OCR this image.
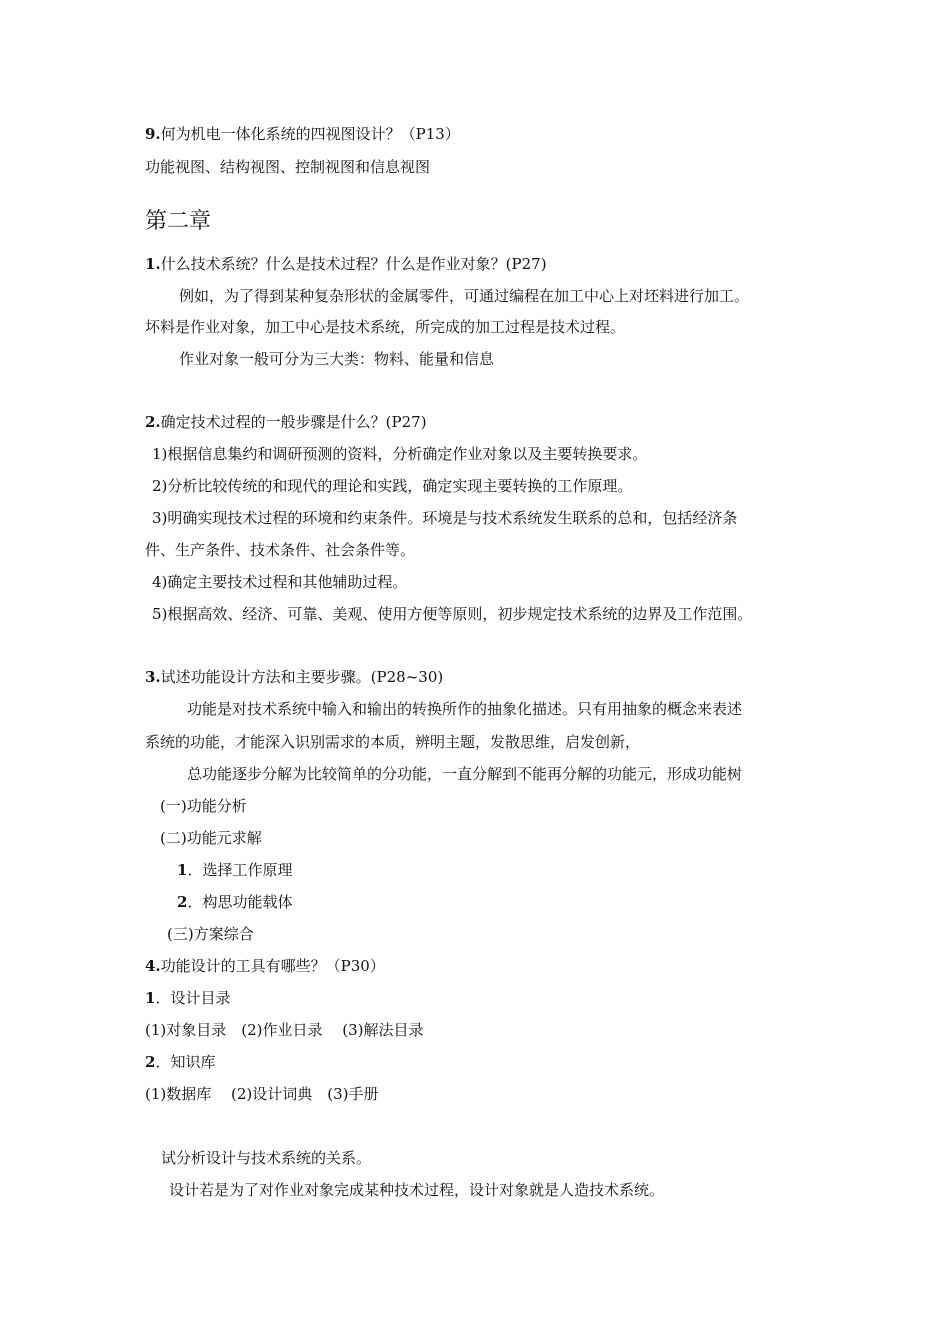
9.何为机电一体化系统的四视图设计？（P13）
功能视图、结构视图、控制视图和信息视图
第二章
1.什么技术系统？什么是技术过程？什么是作业对象？(P27)
例如，为了得到某种复杂形状的金属零件，可通过编程在加工中心上对坯料进行加工。
坏料是作业对象，加工中心是技术系统，所完成的加工过程是技术过程。
作业对象一般可分为三大类：物料、能量和信息
2.确定技术过程的一般步骤是什么？(P27)
1)根据信息集约和调研预测的资料，分析确定作业对象以及主要转换要求。
2)分析比较传统的和现代的理论和实践，确定实现主要转换的工作原理。
3)明确实现技术过程的环境和约束条件。环境是与技术系统发生联系的总和，包括经济条
件、生产条件、技术条件、社会条件等。
4)确定主要技术过程和其他辅助过程。
5)根据高效、经济、可靠、美观、使用方便等原则，初步规定技术系统的边界及工作范围。
3.试述功能设计方法和主要步骤。(P28~30)
功能是对技术系统中输入和输出的转换所作的抽象化描述。只有用抽象的概念来表述
系统的功能，才能深入识别需求的本质，辨明主题，发散思维，启发创新，
总功能逐步分解为比较简单的分功能，一直分解到不能再分解的功能元，形成功能树
(一)功能分析
(二)功能元求解
1．选择工作原理
2．构思功能载体
(三)方案综合
4.功能设计的工具有哪些？（P30）
1．设计目录
(1)对象目录　(2)作业日录　 (3)解法目录
2．知识库
(1)数据库　 (2)设计词典　(3)手册
试分析设计与技术系统的关系。
设计若是为了对作业对象完成某种技术过程，设计对象就是人造技术系统。
